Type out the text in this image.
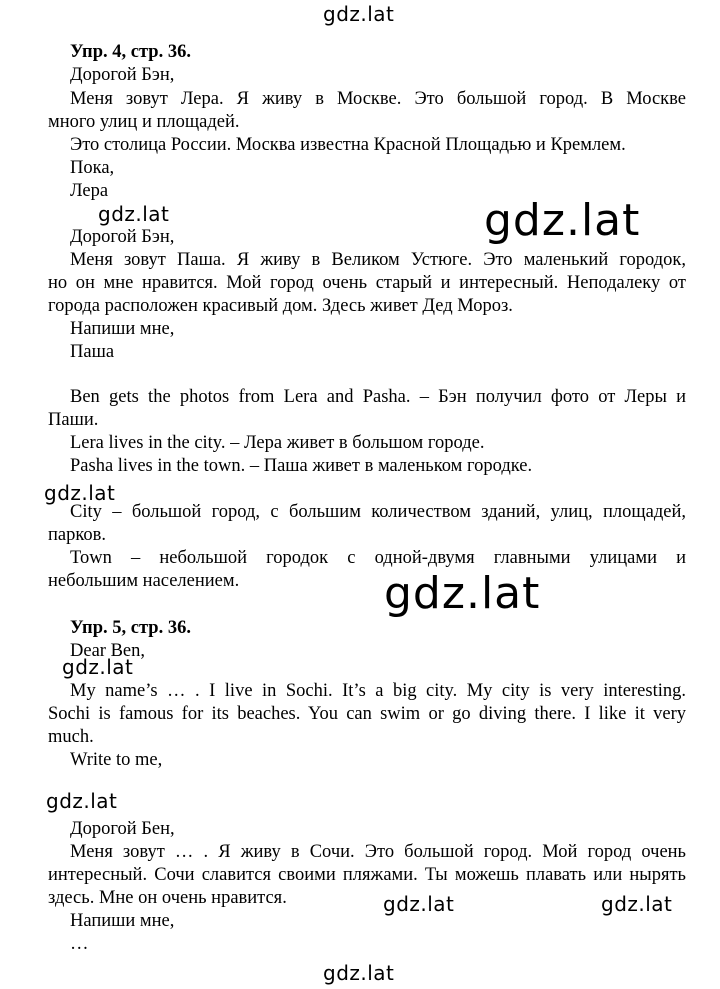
gdz.lat
gdz.lat	gdz.lat
gdz.lat
gdz.lat
gdz.lat
gdz.lat
gdz.lat	gdz.lat
gdz.lat
Упр. 4, стр. 36.
Дорогой Бэн,
Меня зовут Лера. Я живу в Москве. Это большой город. В Москве
много улиц и площадей.
Это столица России. Москва известна Красной Площадью и Кремлем.
Пока,
Лера
Дорогой Бэн,
Меня зовут Паша. Я живу в Великом Устюге. Это маленький городок,
но он мне нравится. Мой город очень старый и интересный. Неподалеку от
города расположен красивый дом. Здесь живет Дед Мороз.
Напиши мне,
Паша
Ben gets the photos from Lera and Pasha. – Бэн получил фото от Леры и
Паши.
Lera lives in the city. – Лера живет в большом городе.
Pasha lives in the town. – Паша живет в маленьком городке.
City – большой город, с большим количеством зданий, улиц, площадей,
парков.
Town – небольшой городок с одной-двумя главными улицами и
небольшим населением.
Упр. 5, стр. 36.
Dear Ben,
My name’s … . I live in Sochi. It’s a big city. My city is very interesting.
Sochi is famous for its beaches. You can swim or go diving there. I like it very
much.
Write to me,
Дорогой Бен,
Меня зовут … . Я живу в Сочи. Это большой город. Мой город очень
интересный. Сочи славится своими пляжами. Ты можешь плавать или нырять
здесь. Мне он очень нравится.
Напиши мне,
…
